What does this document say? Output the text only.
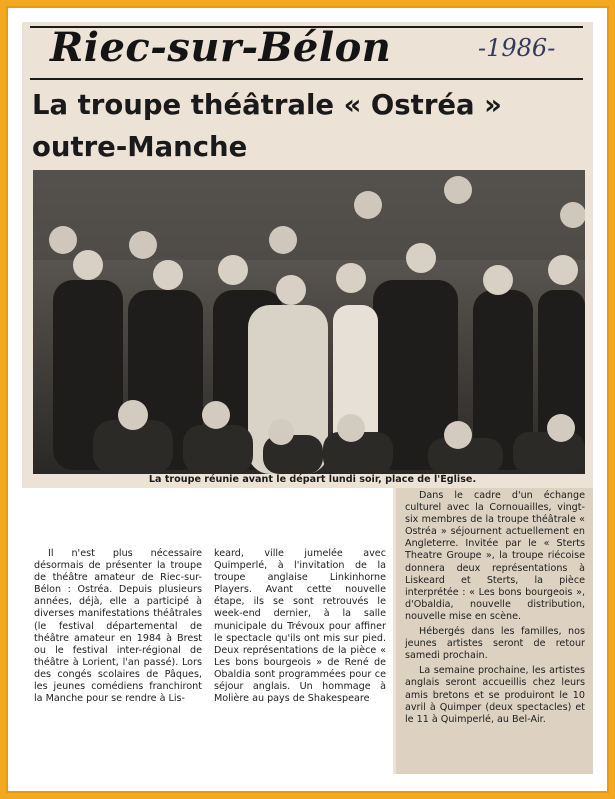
Riec-sur-Bélon	-1986-
La troupe théâtrale « Ostréa »
outre-Manche
La troupe réunie avant le départ lundi soir, place de l'Église.

Il n'est plus nécessaire désormais de présenter la troupe de théâtre amateur de Riec-sur-Bélon : Ostréa. Depuis plusieurs années, déjà, elle a participé à diverses manifestations théâtrales (le festival départemental de théâtre amateur en 1984 à Brest ou le festival inter-régional de théâtre à Lorient, l'an passé). Lors des congés scolaires de Pâques, les jeunes comédiens franchiront la Manche pour se rendre à Lis-

keard, ville jumelée avec Quimperlé, à l'invitation de la troupe anglaise Linkinhorne Players. Avant cette nouvelle étape, ils se sont retrouvés le week-end dernier, à la salle municipale du Trévoux pour affiner le spectacle qu'ils ont mis sur pied. Deux représentations de la pièce « Les bons bourgeois » de René de Obaldia sont programmées pour ce séjour anglais. Un hommage à Molière au pays de Shakespeare

Dans le cadre d'un échange culturel avec la Cornouailles, vingt-six membres de la troupe théâtrale « Ostréa » séjournent actuellement en Angleterre. Invitée par le « Sterts Theatre Groupe », la troupe riécoise donnera deux représentations à Liskeard et Sterts, la pièce interprétée : « Les bons bourgeois », d'Obaldia, nouvelle distribution, nouvelle mise en scène.

Hébergés dans les familles, nos jeunes artistes seront de retour samedi prochain.

La semaine prochaine, les artistes anglais seront accueillis chez leurs amis bretons et se produiront le 10 avril à Quimper (deux spectacles) et le 11 à Quimperlé, au Bel-Air.
